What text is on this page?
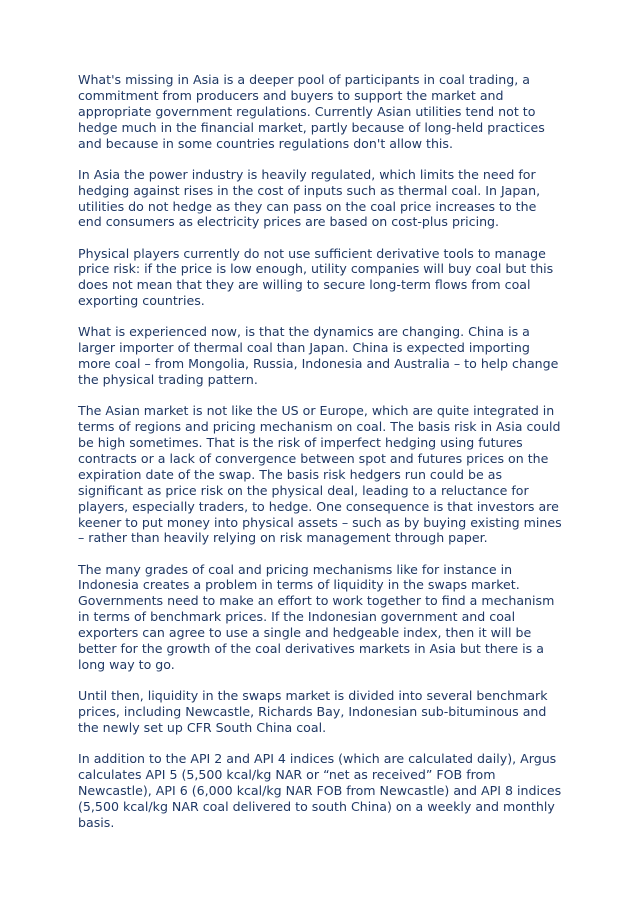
What's missing in Asia is a deeper pool of participants in coal trading, a commitment from producers and buyers to support the market and appropriate government regulations. Currently Asian utilities tend not to hedge much in the financial market, partly because of long-held practices and because in some countries regulations don't allow this.

In Asia the power industry is heavily regulated, which limits the need for hedging against rises in the cost of inputs such as thermal coal. In Japan, utilities do not hedge as they can pass on the coal price increases to the end consumers as electricity prices are based on cost-plus pricing.

Physical players currently do not use sufficient derivative tools to manage price risk: if the price is low enough, utility companies will buy coal but this does not mean that they are willing to secure long-term flows from coal exporting countries.

What is experienced now, is that the dynamics are changing. China is a larger importer of thermal coal than Japan. China is expected importing more coal – from Mongolia, Russia, Indonesia and Australia – to help change the physical trading pattern.

The Asian market is not like the US or Europe, which are quite integrated in terms of regions and pricing mechanism on coal. The basis risk in Asia could be high sometimes. That is the risk of imperfect hedging using futures contracts or a lack of convergence between spot and futures prices on the expiration date of the swap. The basis risk hedgers run could be as significant as price risk on the physical deal, leading to a reluctance for players, especially traders, to hedge. One consequence is that investors are keener to put money into physical assets – such as by buying existing mines – rather than heavily relying on risk management through paper.

The many grades of coal and pricing mechanisms like for instance in Indonesia creates a problem in terms of liquidity in the swaps market. Governments need to make an effort to work together to find a mechanism in terms of benchmark prices. If the Indonesian government and coal exporters can agree to use a single and hedgeable index, then it will be better for the growth of the coal derivatives markets in Asia but there is a long way to go.

Until then, liquidity in the swaps market is divided into several benchmark prices, including Newcastle, Richards Bay, Indonesian sub-bituminous and the newly set up CFR South China coal.

In addition to the API 2 and API 4 indices (which are calculated daily), Argus calculates API 5 (5,500 kcal/kg NAR or “net as received” FOB from Newcastle), API 6 (6,000 kcal/kg NAR FOB from Newcastle) and API 8 indices (5,500 kcal/kg NAR coal delivered to south China) on a weekly and monthly basis.
